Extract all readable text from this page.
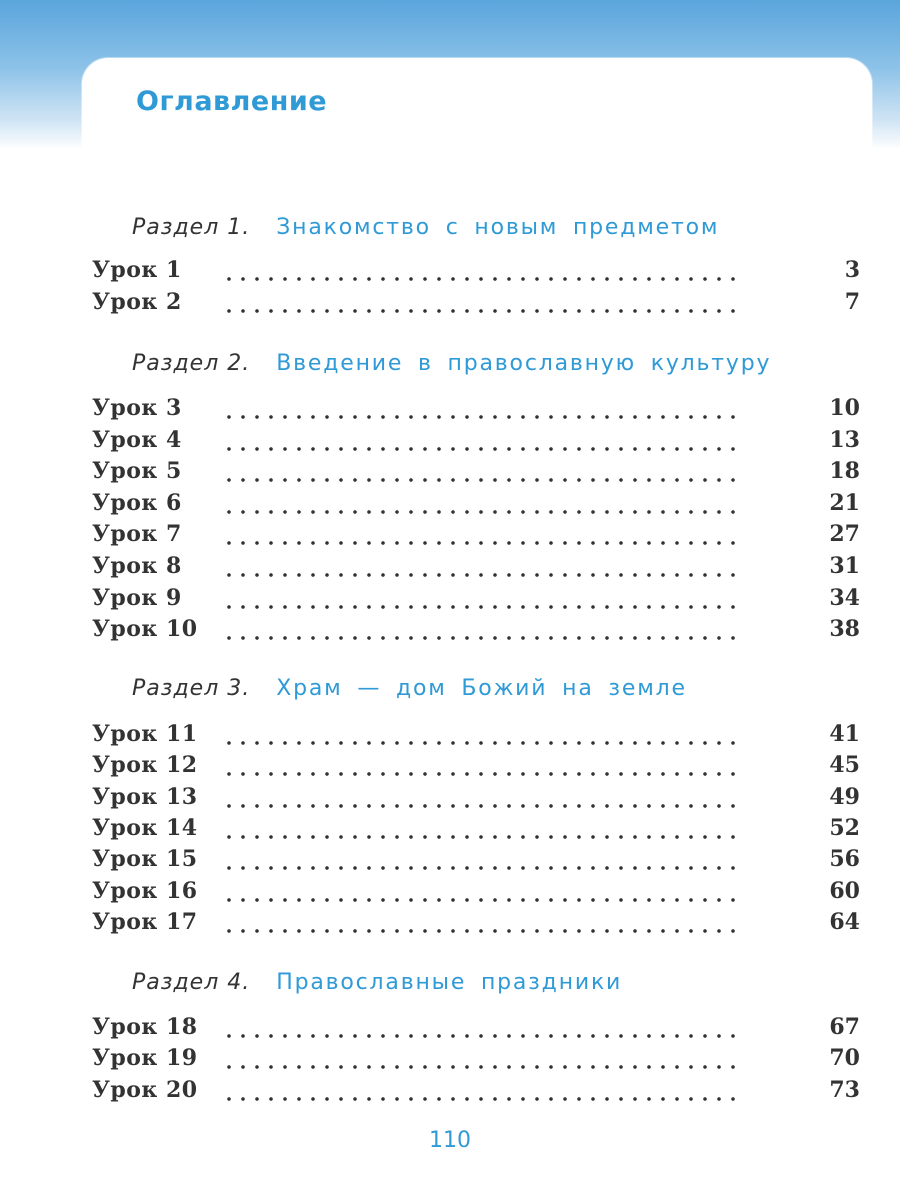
Оглавление
Раздел 1. Знакомство с новым предметом
Урок 1	3
Урок 2	7
Раздел 2. Введение в православную культуру
Урок 3	10
Урок 4	13
Урок 5	18
Урок 6	21
Урок 7	27
Урок 8	31
Урок 9	34
Урок 10	38
Раздел 3. Храм — дом Божий на земле
Урок 11	41
Урок 12	45
Урок 13	49
Урок 14	52
Урок 15	56
Урок 16	60
Урок 17	64
Раздел 4. Православные праздники
Урок 18	67
Урок 19	70
Урок 20	73
110
